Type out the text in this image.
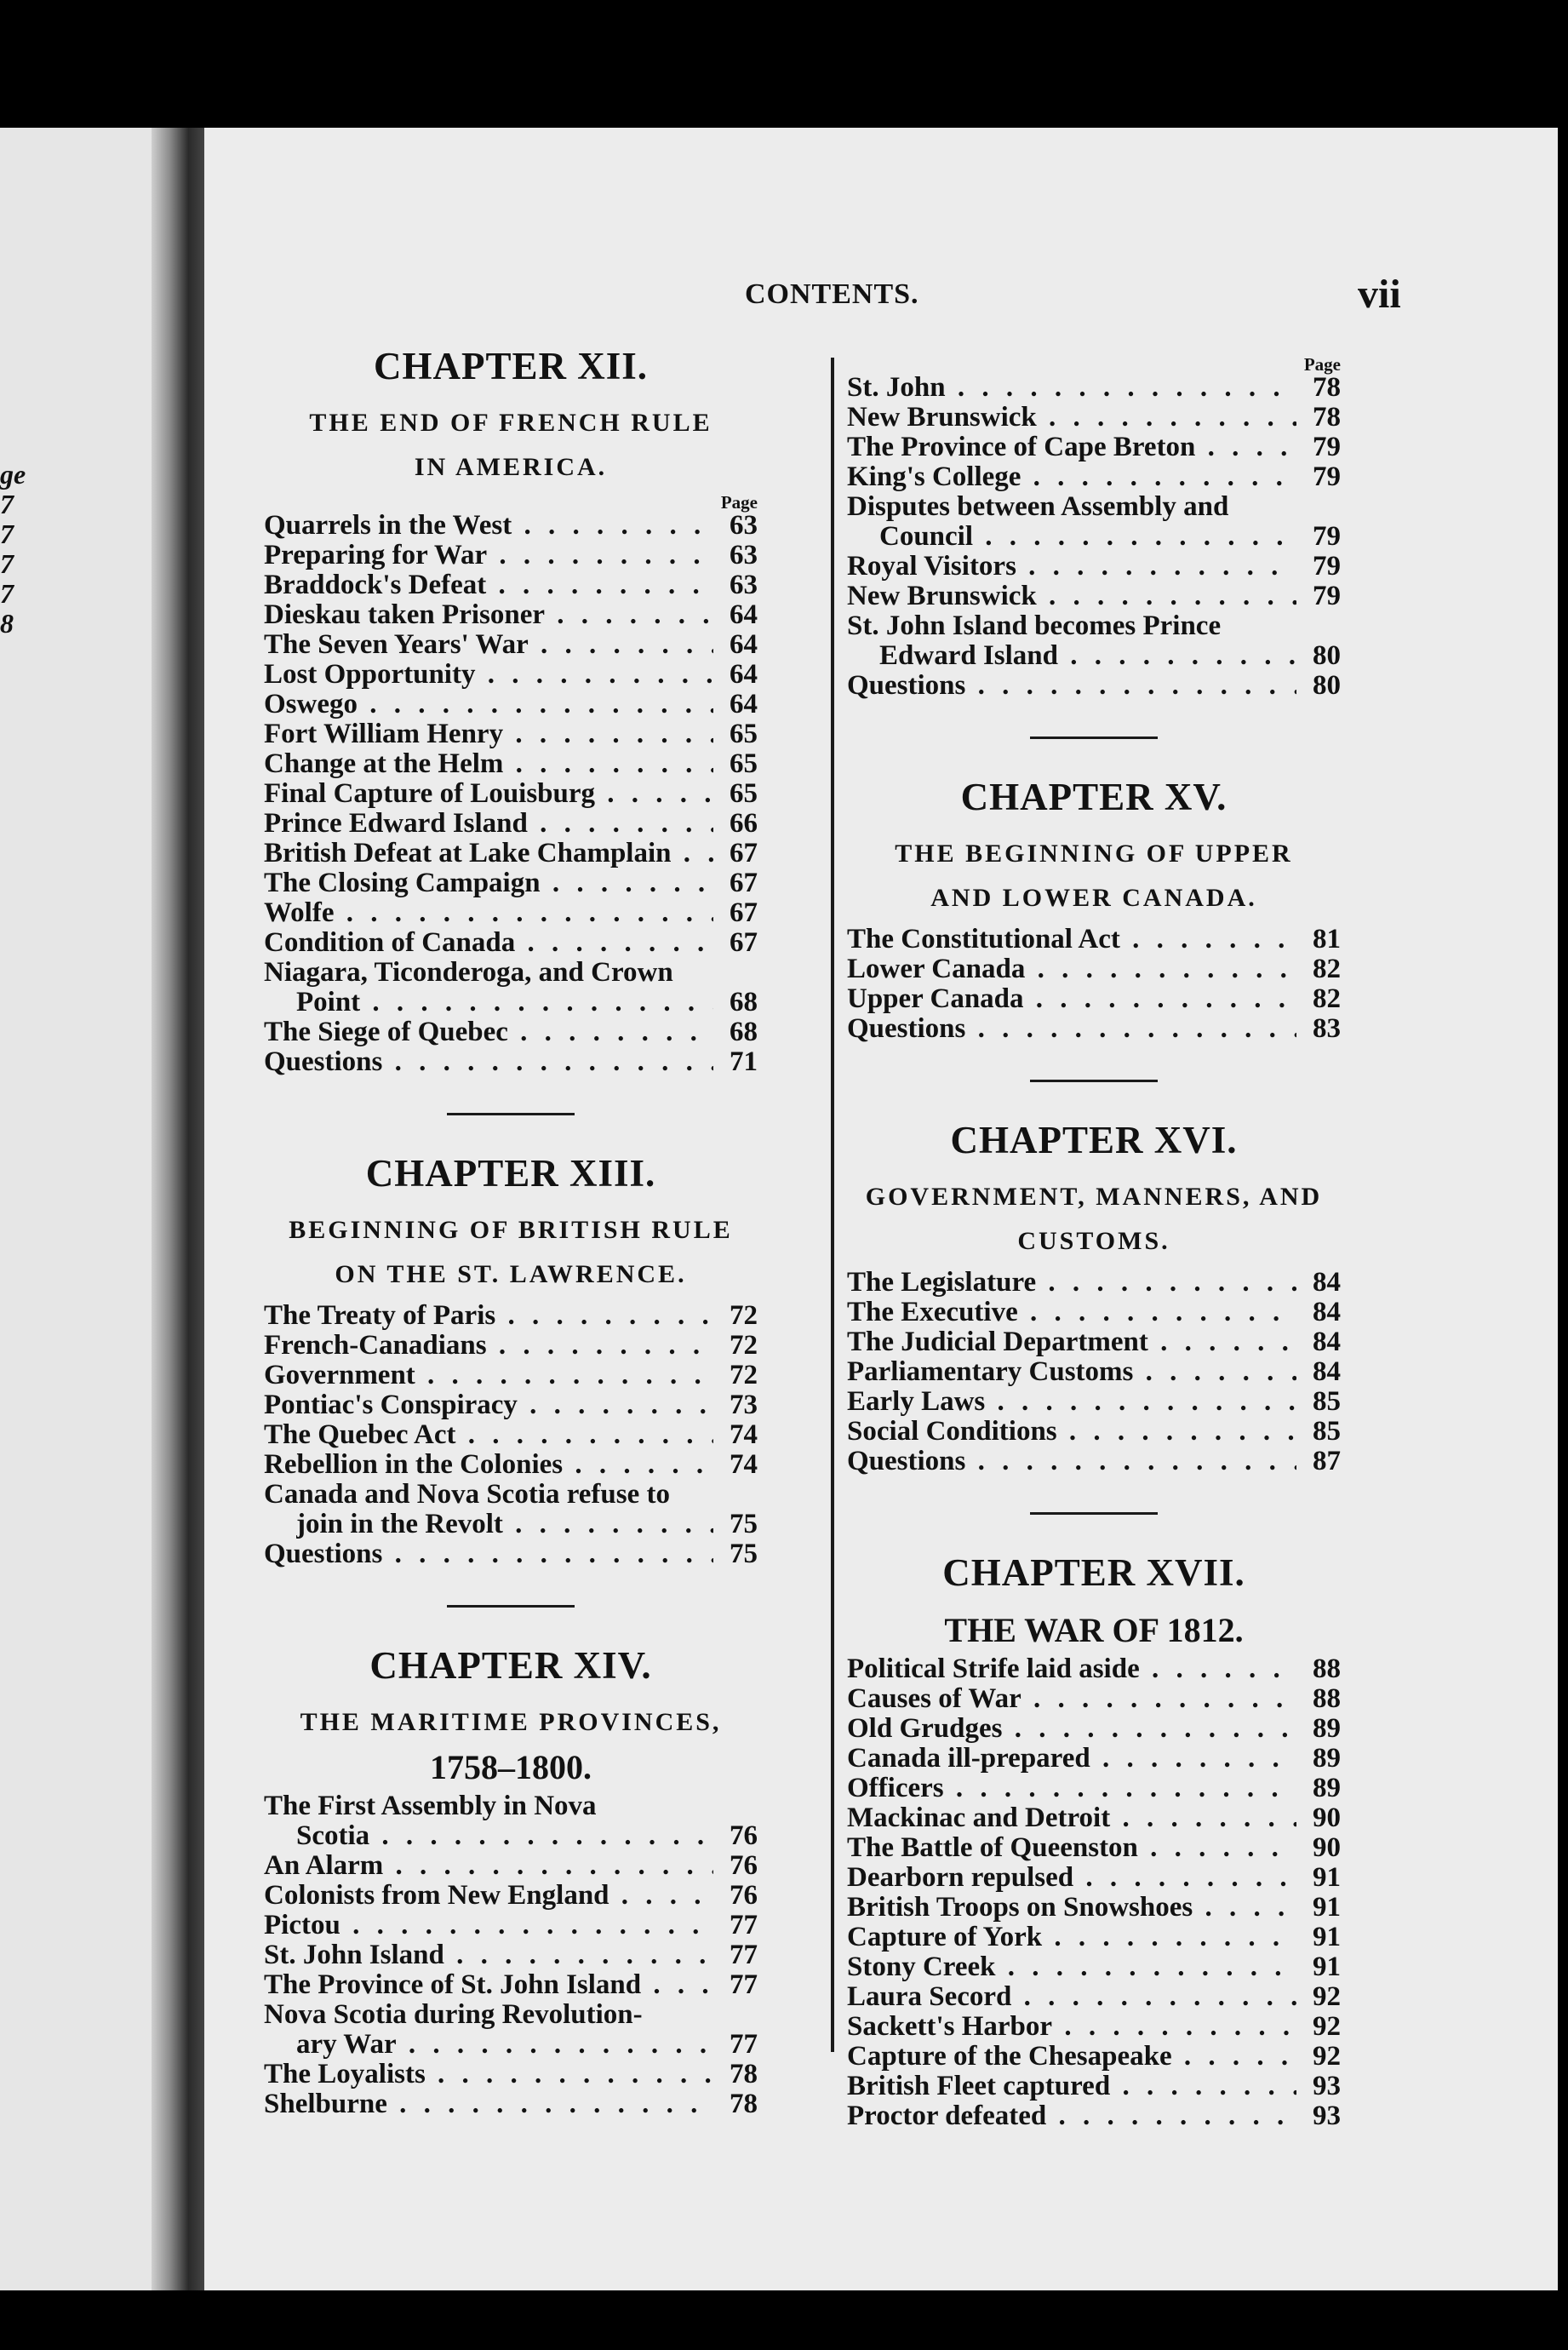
ge
7
7
7
7
8
CONTENTS.	vii
CHAPTER XII.
THE END OF FRENCH RULE
IN AMERICA.
Page
Quarrels in the West . . .	63
Preparing for War . . .	63
Braddock's Defeat . . .	63
Dieskau taken Prisoner . . .	64
The Seven Years' War . . .	64
Lost Opportunity . . .	64
Oswego . . .	64
Fort William Henry . . .	65
Change at the Helm . . .	65
Final Capture of Louisburg . . .	65
Prince Edward Island . . .	66
British Defeat at Lake Champlain . . .	67
The Closing Campaign . . .	67
Wolfe . . .	67
Condition of Canada . . .	67
Niagara, Ticonderoga, and Crown
Point . . .	68
The Siege of Quebec . . .	68
Questions . . .	71
CHAPTER XIII.
BEGINNING OF BRITISH RULE
ON THE ST. LAWRENCE.
The Treaty of Paris . . .	72
French-Canadians . . .	72
Government . . .	72
Pontiac's Conspiracy . . .	73
The Quebec Act . . .	74
Rebellion in the Colonies . . .	74
Canada and Nova Scotia refuse to
join in the Revolt . . .	75
Questions . . .	75
CHAPTER XIV.
THE MARITIME PROVINCES,
1758–1800.
The First Assembly in Nova
Scotia . . .	76
An Alarm . . .	76
Colonists from New England . . .	76
Pictou . . .	77
St. John Island . . .	77
The Province of St. John Island . . .	77
Nova Scotia during Revolution-
ary War . . .	77
The Loyalists . . .	78
Shelburne . . .	78
Page
St. John . . .	78
New Brunswick . . .	78
The Province of Cape Breton . . .	79
King's College . . .	79
Disputes between Assembly and
Council . . .	79
Royal Visitors . . .	79
New Brunswick . . .	79
St. John Island becomes Prince
Edward Island . . .	80
Questions . . .	80
CHAPTER XV.
THE BEGINNING OF UPPER
AND LOWER CANADA.
The Constitutional Act . . .	81
Lower Canada . . .	82
Upper Canada . . .	82
Questions . . .	83
CHAPTER XVI.
GOVERNMENT, MANNERS, AND
CUSTOMS.
The Legislature . . .	84
The Executive . . .	84
The Judicial Department . . .	84
Parliamentary Customs . . .	84
Early Laws . . .	85
Social Conditions . . .	85
Questions . . .	87
CHAPTER XVII.
THE WAR OF 1812.
Political Strife laid aside . . .	88
Causes of War . . .	88
Old Grudges . . .	89
Canada ill-prepared . . .	89
Officers . . .	89
Mackinac and Detroit . . .	90
The Battle of Queenston . . .	90
Dearborn repulsed . . .	91
British Troops on Snowshoes . . .	91
Capture of York . . .	91
Stony Creek . . .	91
Laura Secord . . .	92
Sackett's Harbor . . .	92
Capture of the Chesapeake . . .	92
British Fleet captured . . .	93
Proctor defeated . . .	93
